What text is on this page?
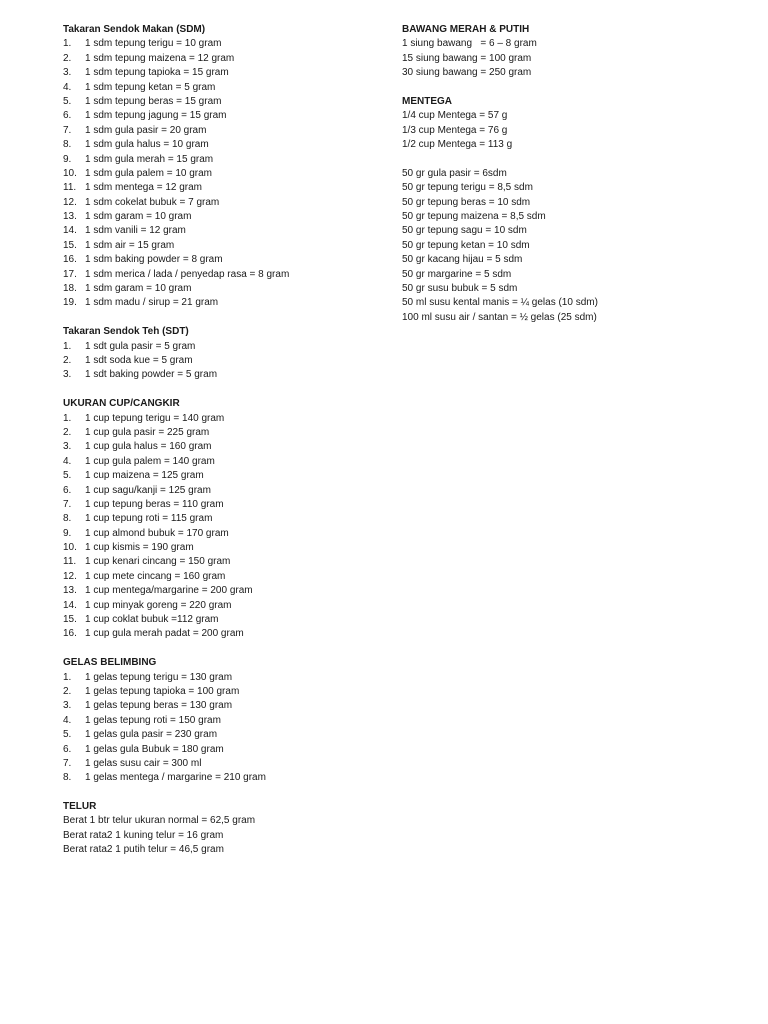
Takaran Sendok Makan (SDM)
1. 1 sdm tepung terigu = 10 gram
2. 1 sdm tepung maizena = 12 gram
3. 1 sdm tepung tapioka = 15 gram
4. 1 sdm tepung ketan = 5 gram
5. 1 sdm tepung beras = 15 gram
6. 1 sdm tepung jagung = 15 gram
7. 1 sdm gula pasir = 20 gram
8. 1 sdm gula halus = 10 gram
9. 1 sdm gula merah = 15 gram
10. 1 sdm gula palem = 10 gram
11. 1 sdm mentega = 12 gram
12. 1 sdm cokelat bubuk = 7 gram
13. 1 sdm garam = 10 gram
14. 1 sdm vanili = 12 gram
15. 1 sdm air = 15 gram
16. 1 sdm baking powder = 8 gram
17. 1 sdm merica / lada / penyedap rasa = 8 gram
18. 1 sdm garam = 10 gram
19. 1 sdm madu / sirup = 21 gram
Takaran Sendok Teh (SDT)
1. 1 sdt gula pasir = 5 gram
2. 1 sdt soda kue = 5 gram
3. 1 sdt baking powder = 5 gram
UKURAN CUP/CANGKIR
1. 1 cup tepung terigu = 140 gram
2. 1 cup gula pasir = 225 gram
3. 1 cup gula halus = 160 gram
4. 1 cup gula palem = 140 gram
5. 1 cup maizena = 125 gram
6. 1 cup sagu/kanji = 125 gram
7. 1 cup tepung beras = 110 gram
8. 1 cup tepung roti = 115 gram
9. 1 cup almond bubuk = 170 gram
10. 1 cup kismis = 190 gram
11. 1 cup kenari cincang = 150 gram
12. 1 cup mete cincang = 160 gram
13. 1 cup mentega/margarine = 200 gram
14. 1 cup minyak goreng = 220 gram
15. 1 cup coklat bubuk =112 gram
16. 1 cup gula merah padat = 200 gram
GELAS BELIMBING
1. 1 gelas tepung terigu = 130 gram
2. 1 gelas tepung tapioka = 100 gram
3. 1 gelas tepung beras = 130 gram
4. 1 gelas tepung roti = 150 gram
5. 1 gelas gula pasir = 230 gram
6. 1 gelas gula Bubuk = 180 gram
7. 1 gelas susu cair = 300 ml
8. 1 gelas mentega / margarine = 210 gram
TELUR
Berat 1 btr telur ukuran normal = 62,5 gram
Berat rata2 1 kuning telur = 16 gram
Berat rata2 1 putih telur = 46,5 gram
BAWANG MERAH & PUTIH
1 siung bawang   = 6 – 8 gram
15 siung bawang = 100 gram
30 siung bawang = 250 gram
MENTEGA
1/4 cup Mentega = 57 g
1/3 cup Mentega = 76 g
1/2 cup Mentega = 113 g
50 gr gula pasir = 6sdm
50 gr tepung terigu = 8,5 sdm
50 gr tepung beras = 10 sdm
50 gr tepung maizena = 8,5 sdm
50 gr tepung sagu = 10 sdm
50 gr tepung ketan = 10 sdm
50 gr kacang hijau = 5 sdm
50 gr margarine = 5 sdm
50 gr susu bubuk = 5 sdm
50 ml susu kental manis = ¼ gelas (10 sdm)
100 ml susu air / santan = ½ gelas (25 sdm)
